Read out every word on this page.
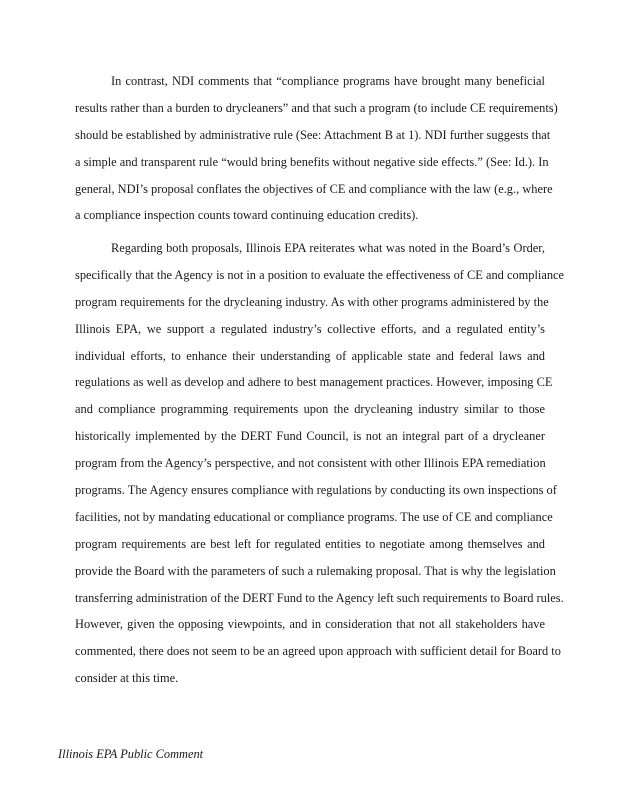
In contrast, NDI comments that “compliance programs have brought many beneficial
results rather than a burden to drycleaners” and that such a program (to include CE requirements)
should be established by administrative rule (See: Attachment B at 1). NDI further suggests that
a simple and transparent rule “would bring benefits without negative side effects.” (See: Id.). In
general, NDI’s proposal conflates the objectives of CE and compliance with the law (e.g., where
a compliance inspection counts toward continuing education credits).
Regarding both proposals, Illinois EPA reiterates what was noted in the Board’s Order,
specifically that the Agency is not in a position to evaluate the effectiveness of CE and compliance
program requirements for the drycleaning industry. As with other programs administered by the
Illinois EPA, we support a regulated industry’s collective efforts, and a regulated entity’s
individual efforts, to enhance their understanding of applicable state and federal laws and
regulations as well as develop and adhere to best management practices. However, imposing CE
and compliance programming requirements upon the drycleaning industry similar to those
historically implemented by the DERT Fund Council, is not an integral part of a drycleaner
program from the Agency’s perspective, and not consistent with other Illinois EPA remediation
programs. The Agency ensures compliance with regulations by conducting its own inspections of
facilities, not by mandating educational or compliance programs. The use of CE and compliance
program requirements are best left for regulated entities to negotiate among themselves and
provide the Board with the parameters of such a rulemaking proposal. That is why the legislation
transferring administration of the DERT Fund to the Agency left such requirements to Board rules.
However, given the opposing viewpoints, and in consideration that not all stakeholders have
commented, there does not seem to be an agreed upon approach with sufficient detail for Board to
consider at this time.
Illinois EPA Public Comment
